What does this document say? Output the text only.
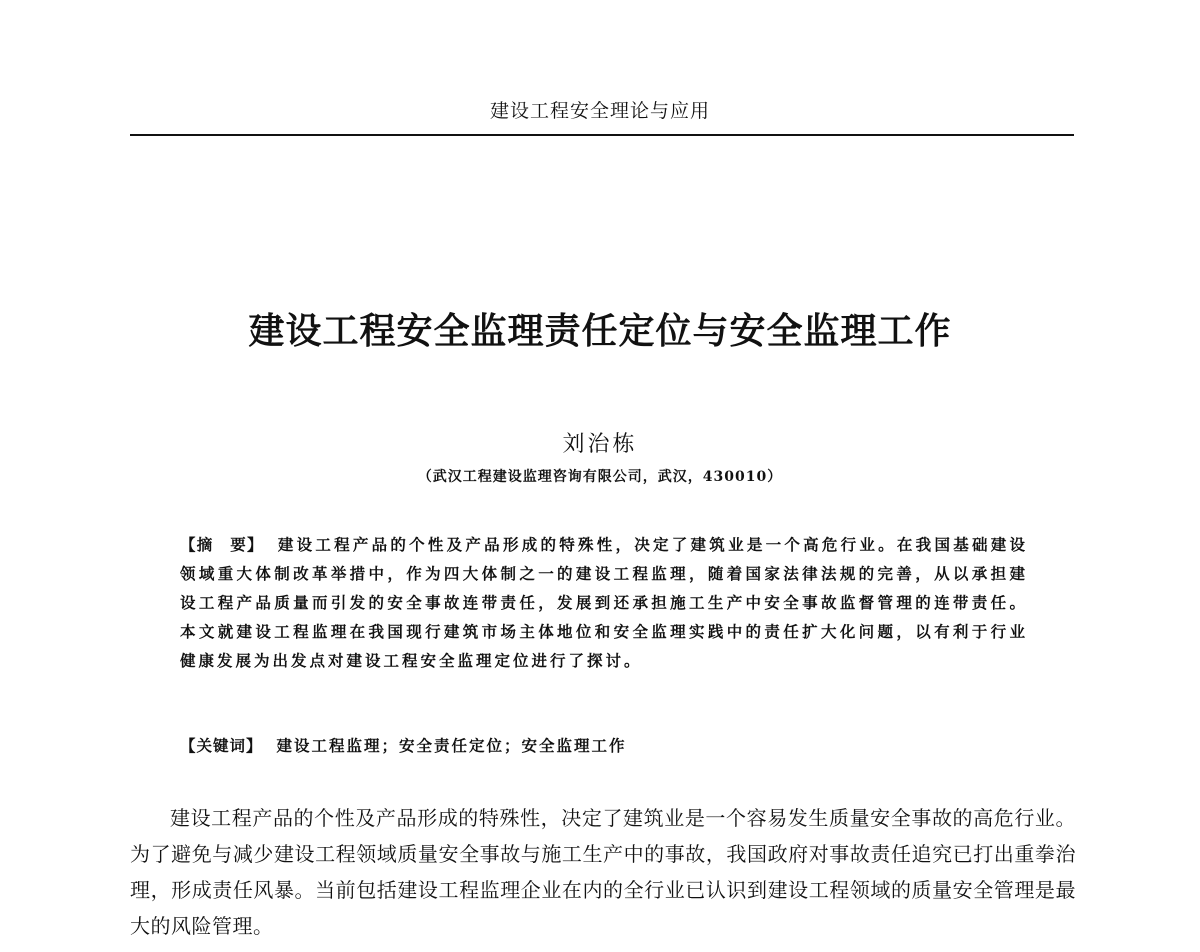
建设工程安全理论与应用
建设工程安全监理责任定位与安全监理工作
刘治栋
（武汉工程建设监理咨询有限公司，武汉，430010）
【摘　要】 建设工程产品的个性及产品形成的特殊性，决定了建筑业是一个高危行业。在我国基础建设领域重大体制改革举措中，作为四大体制之一的建设工程监理，随着国家法律法规的完善，从以承担建设工程产品质量而引发的安全事故连带责任，发展到还承担施工生产中安全事故监督管理的连带责任。本文就建设工程监理在我国现行建筑市场主体地位和安全监理实践中的责任扩大化问题，以有利于行业健康发展为出发点对建设工程安全监理定位进行了探讨。
【关键词】 建设工程监理；安全责任定位；安全监理工作
建设工程产品的个性及产品形成的特殊性，决定了建筑业是一个容易发生质量安全事故的高危行业。为了避免与减少建设工程领域质量安全事故与施工生产中的事故，我国政府对事故责任追究已打出重拳治理，形成责任风暴。当前包括建设工程监理企业在内的全行业已认识到建设工程领域的质量安全管理是最大的风险管理。
